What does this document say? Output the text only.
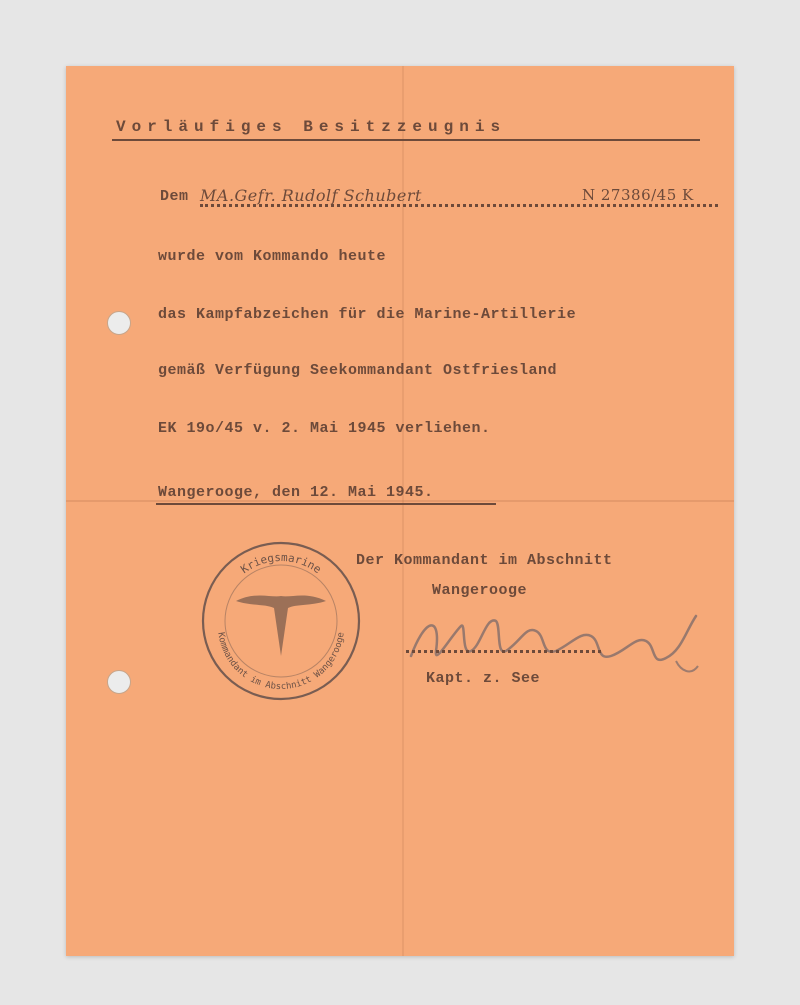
Vorläufiges Besitzzeugnis
Dem MA.Gefr. Rudolf Schubert	N 27386/45 K
wurde vom Kommando heute
das Kampfabzeichen für die Marine-Artillerie
gemäß Verfügung Seekommandant Ostfriesland
EK 19o/45 v. 2. Mai 1945 verliehen.
Wangerooge, den 12. Mai 1945.
Der Kommandant im Abschnitt
Wangerooge
Kapt. z. See
Kriegsmarine
Kommandant im Abschnitt Wangerooge
